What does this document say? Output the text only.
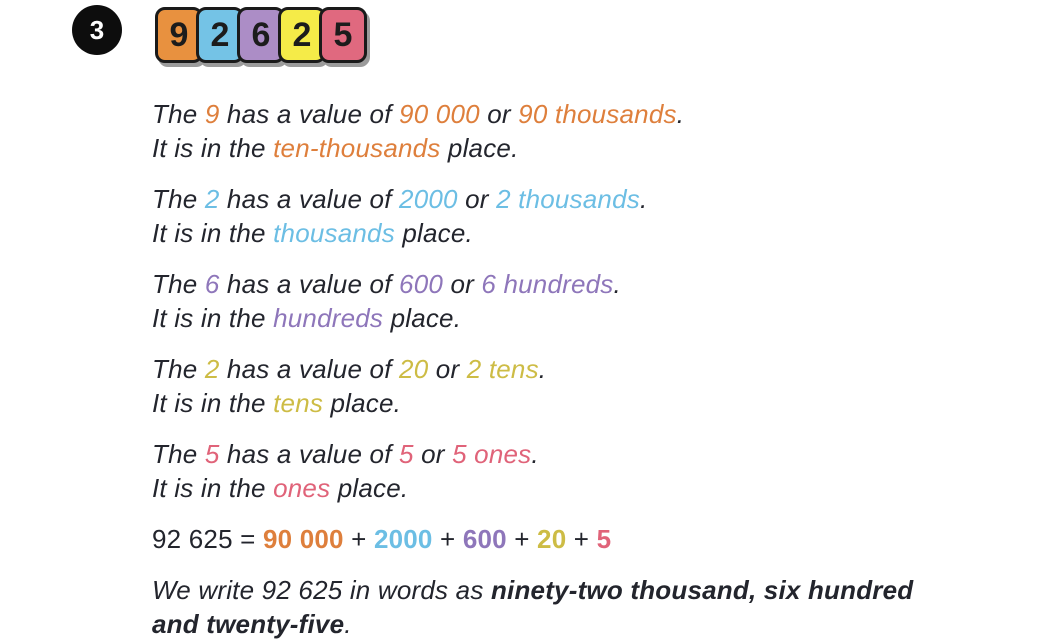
3	9 2 6 2 5

The 9 has a value of 90 000 or 90 thousands.
It is in the ten-thousands place.

The 2 has a value of 2000 or 2 thousands.
It is in the thousands place.

The 6 has a value of 600 or 6 hundreds.
It is in the hundreds place.

The 2 has a value of 20 or 2 tens.
It is in the tens place.

The 5 has a value of 5 or 5 ones.
It is in the ones place.

92 625 = 90 000 + 2000 + 600 + 20 + 5

We write 92 625 in words as ninety-two thousand, six hundred and twenty-five.
